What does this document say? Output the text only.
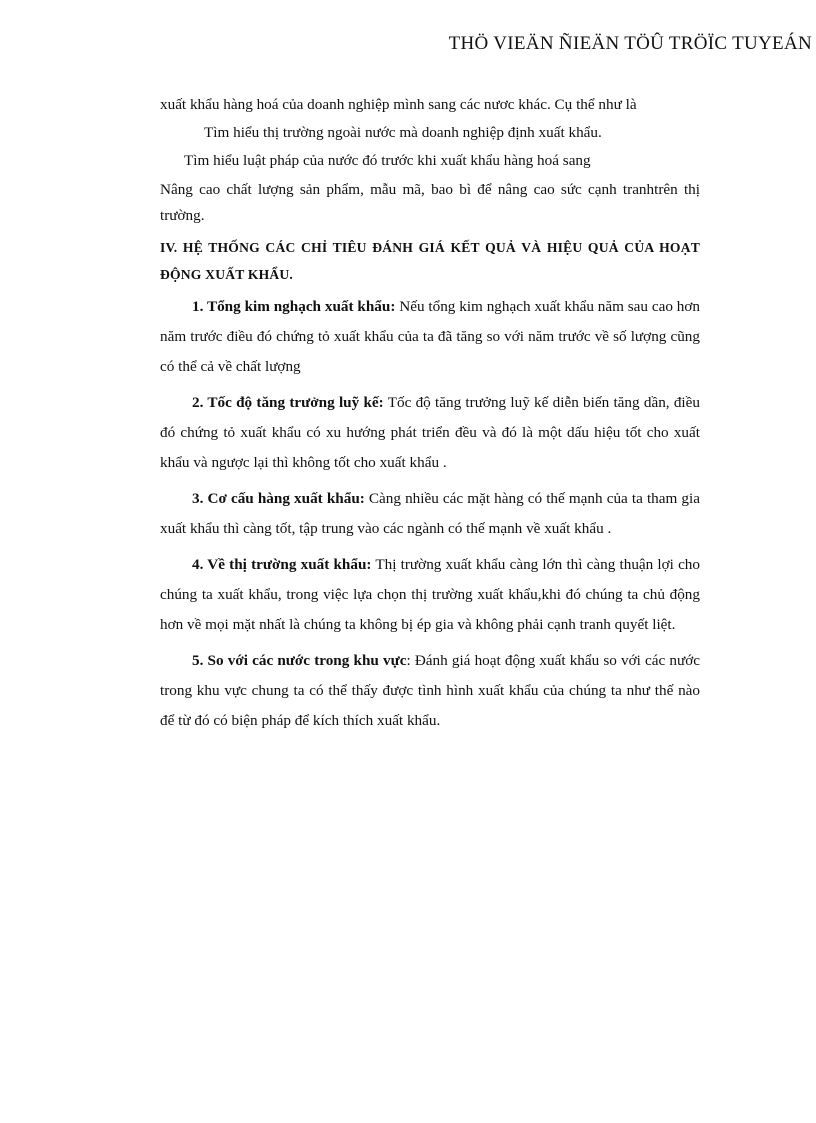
THÖ VIEÄN ÑIEÄN TÖÛ TRÖÏC TUYEÁN

xuất khẩu hàng hoá của doanh nghiệp mình sang các nươc khác. Cụ thể như là

Tìm hiểu thị trường ngoài nước mà doanh nghiệp định xuất khẩu.

Tìm hiểu luật pháp của nước đó trước khi xuất khẩu hàng hoá sang

Nâng cao chất lượng sản phẩm, mẫu mã, bao bì để nâng cao sức cạnh tranhtrên thị trường.

IV. HỆ THỐNG CÁC CHỈ TIÊU ĐÁNH GIÁ KẾT QUẢ VÀ HIỆU QUẢ CỦA HOẠT ĐỘNG XUẤT KHẨU.

1. Tổng kim nghạch xuất khẩu: Nếu tổng kim nghạch xuất khẩu năm sau cao hơn năm trước điều đó chứng tỏ xuất khẩu của ta đã tăng so với năm trước về số lượng cũng có thể cả về chất lượng

2. Tốc độ tăng trưởng luỹ kế: Tốc độ tăng trưởng luỹ kế diễn biến tăng dần, điều đó chứng tỏ xuất khẩu có xu hướng phát triển đều và đó là một dấu hiệu tốt cho xuất khẩu và ngược lại thì không tốt cho xuất khẩu .

3. Cơ cấu hàng xuất khẩu: Càng nhiều các mặt hàng có thế mạnh của ta tham gia xuất khẩu thì càng tốt, tập trung vào các ngành có thế mạnh về xuất khẩu .

4. Về thị trường xuất khẩu: Thị trường xuất khẩu càng lớn thì càng thuận lợi cho chúng ta xuất khẩu, trong việc lựa chọn thị trường xuất khẩu,khi đó chúng ta chủ động hơn về mọi mặt nhất là chúng ta không bị ép gia và không phải cạnh tranh quyết liệt.

5. So với các nước trong khu vực: Đánh giá hoạt động xuất khẩu so với các nước trong khu vực chung ta có thể thấy được tình hình xuất khẩu của chúng ta như thế nào để từ đó có biện pháp để kích thích xuất khẩu.
